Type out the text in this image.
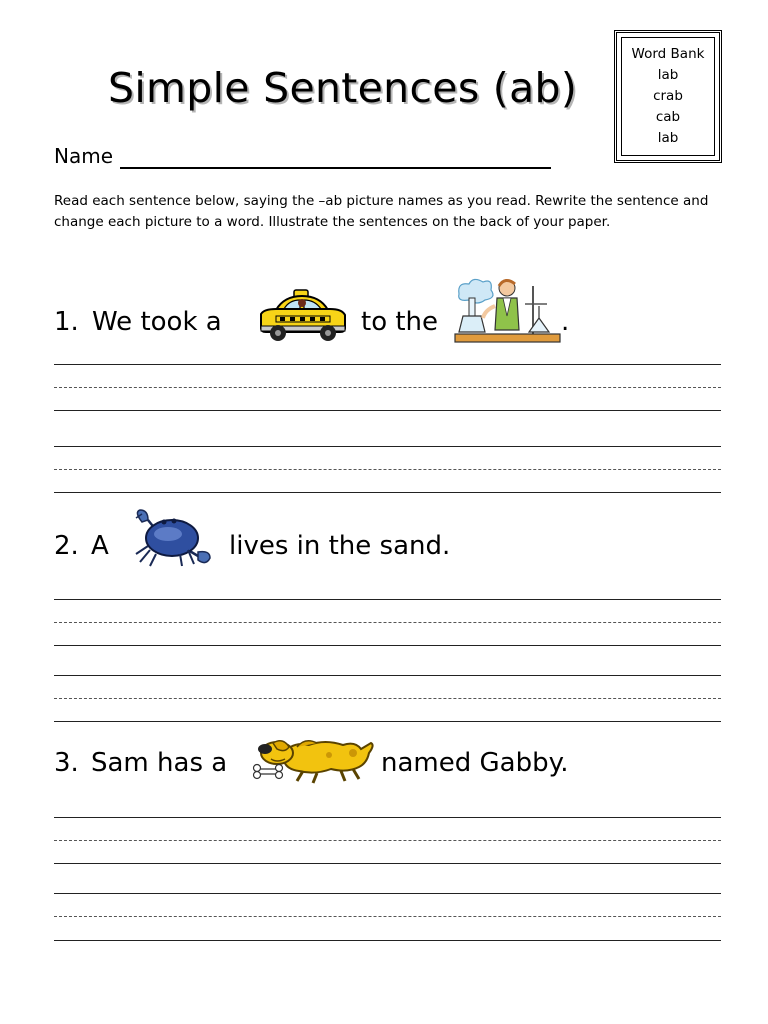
Simple Sentences (ab)
Name
Word Bank
lab
crab
cab
lab
Read each sentence below, saying the –ab picture names as you read. Rewrite the sentence and change each picture to a word. Illustrate the sentences on the back of your paper.
1. We took a	to the	.
2. A	lives in the sand.
3. Sam has a	named Gabby.
